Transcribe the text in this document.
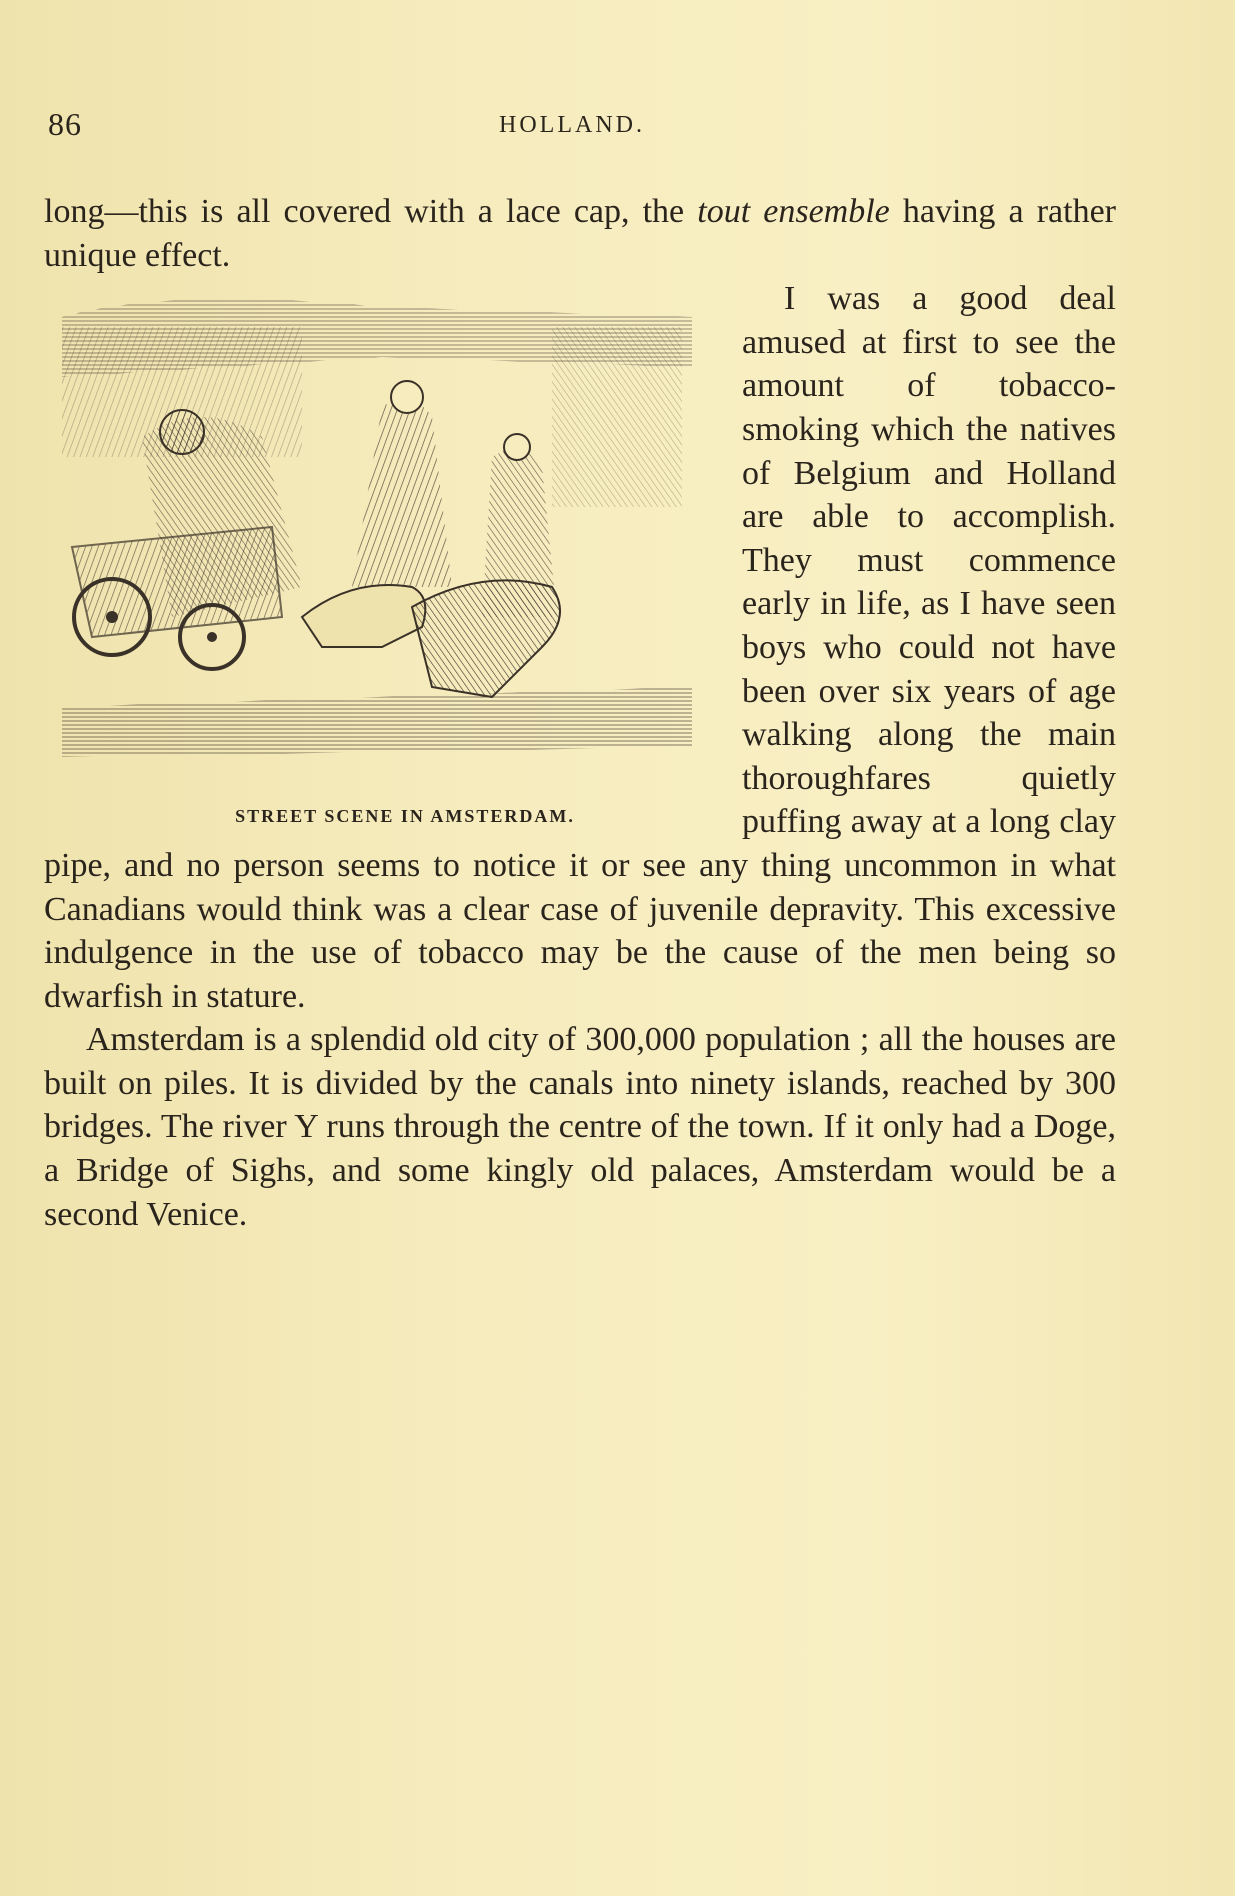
86	HOLLAND.

long—this is all covered with a lace cap, the tout ensemble having a rather unique effect.

STREET SCENE IN AMSTERDAM.
I was a good deal amused at first to see the amount of tobacco-smoking which the natives of Belgium and Holland are able to accomplish. They must commence early in life, as I have seen boys who could not have been over six years of age walking along the main thoroughfares quietly puffing away at a long clay pipe, and no person seems to notice it or see any thing uncommon in what Canadians would think was a clear case of juvenile depravity. This excessive indulgence in the use of tobacco may be the cause of the men being so dwarfish in stature.

Amsterdam is a splendid old city of 300,000 population ; all the houses are built on piles. It is divided by the canals into ninety islands, reached by 300 bridges. The river Y runs through the centre of the town. If it only had a Doge, a Bridge of Sighs, and some kingly old palaces, Amsterdam would be a second Venice.
